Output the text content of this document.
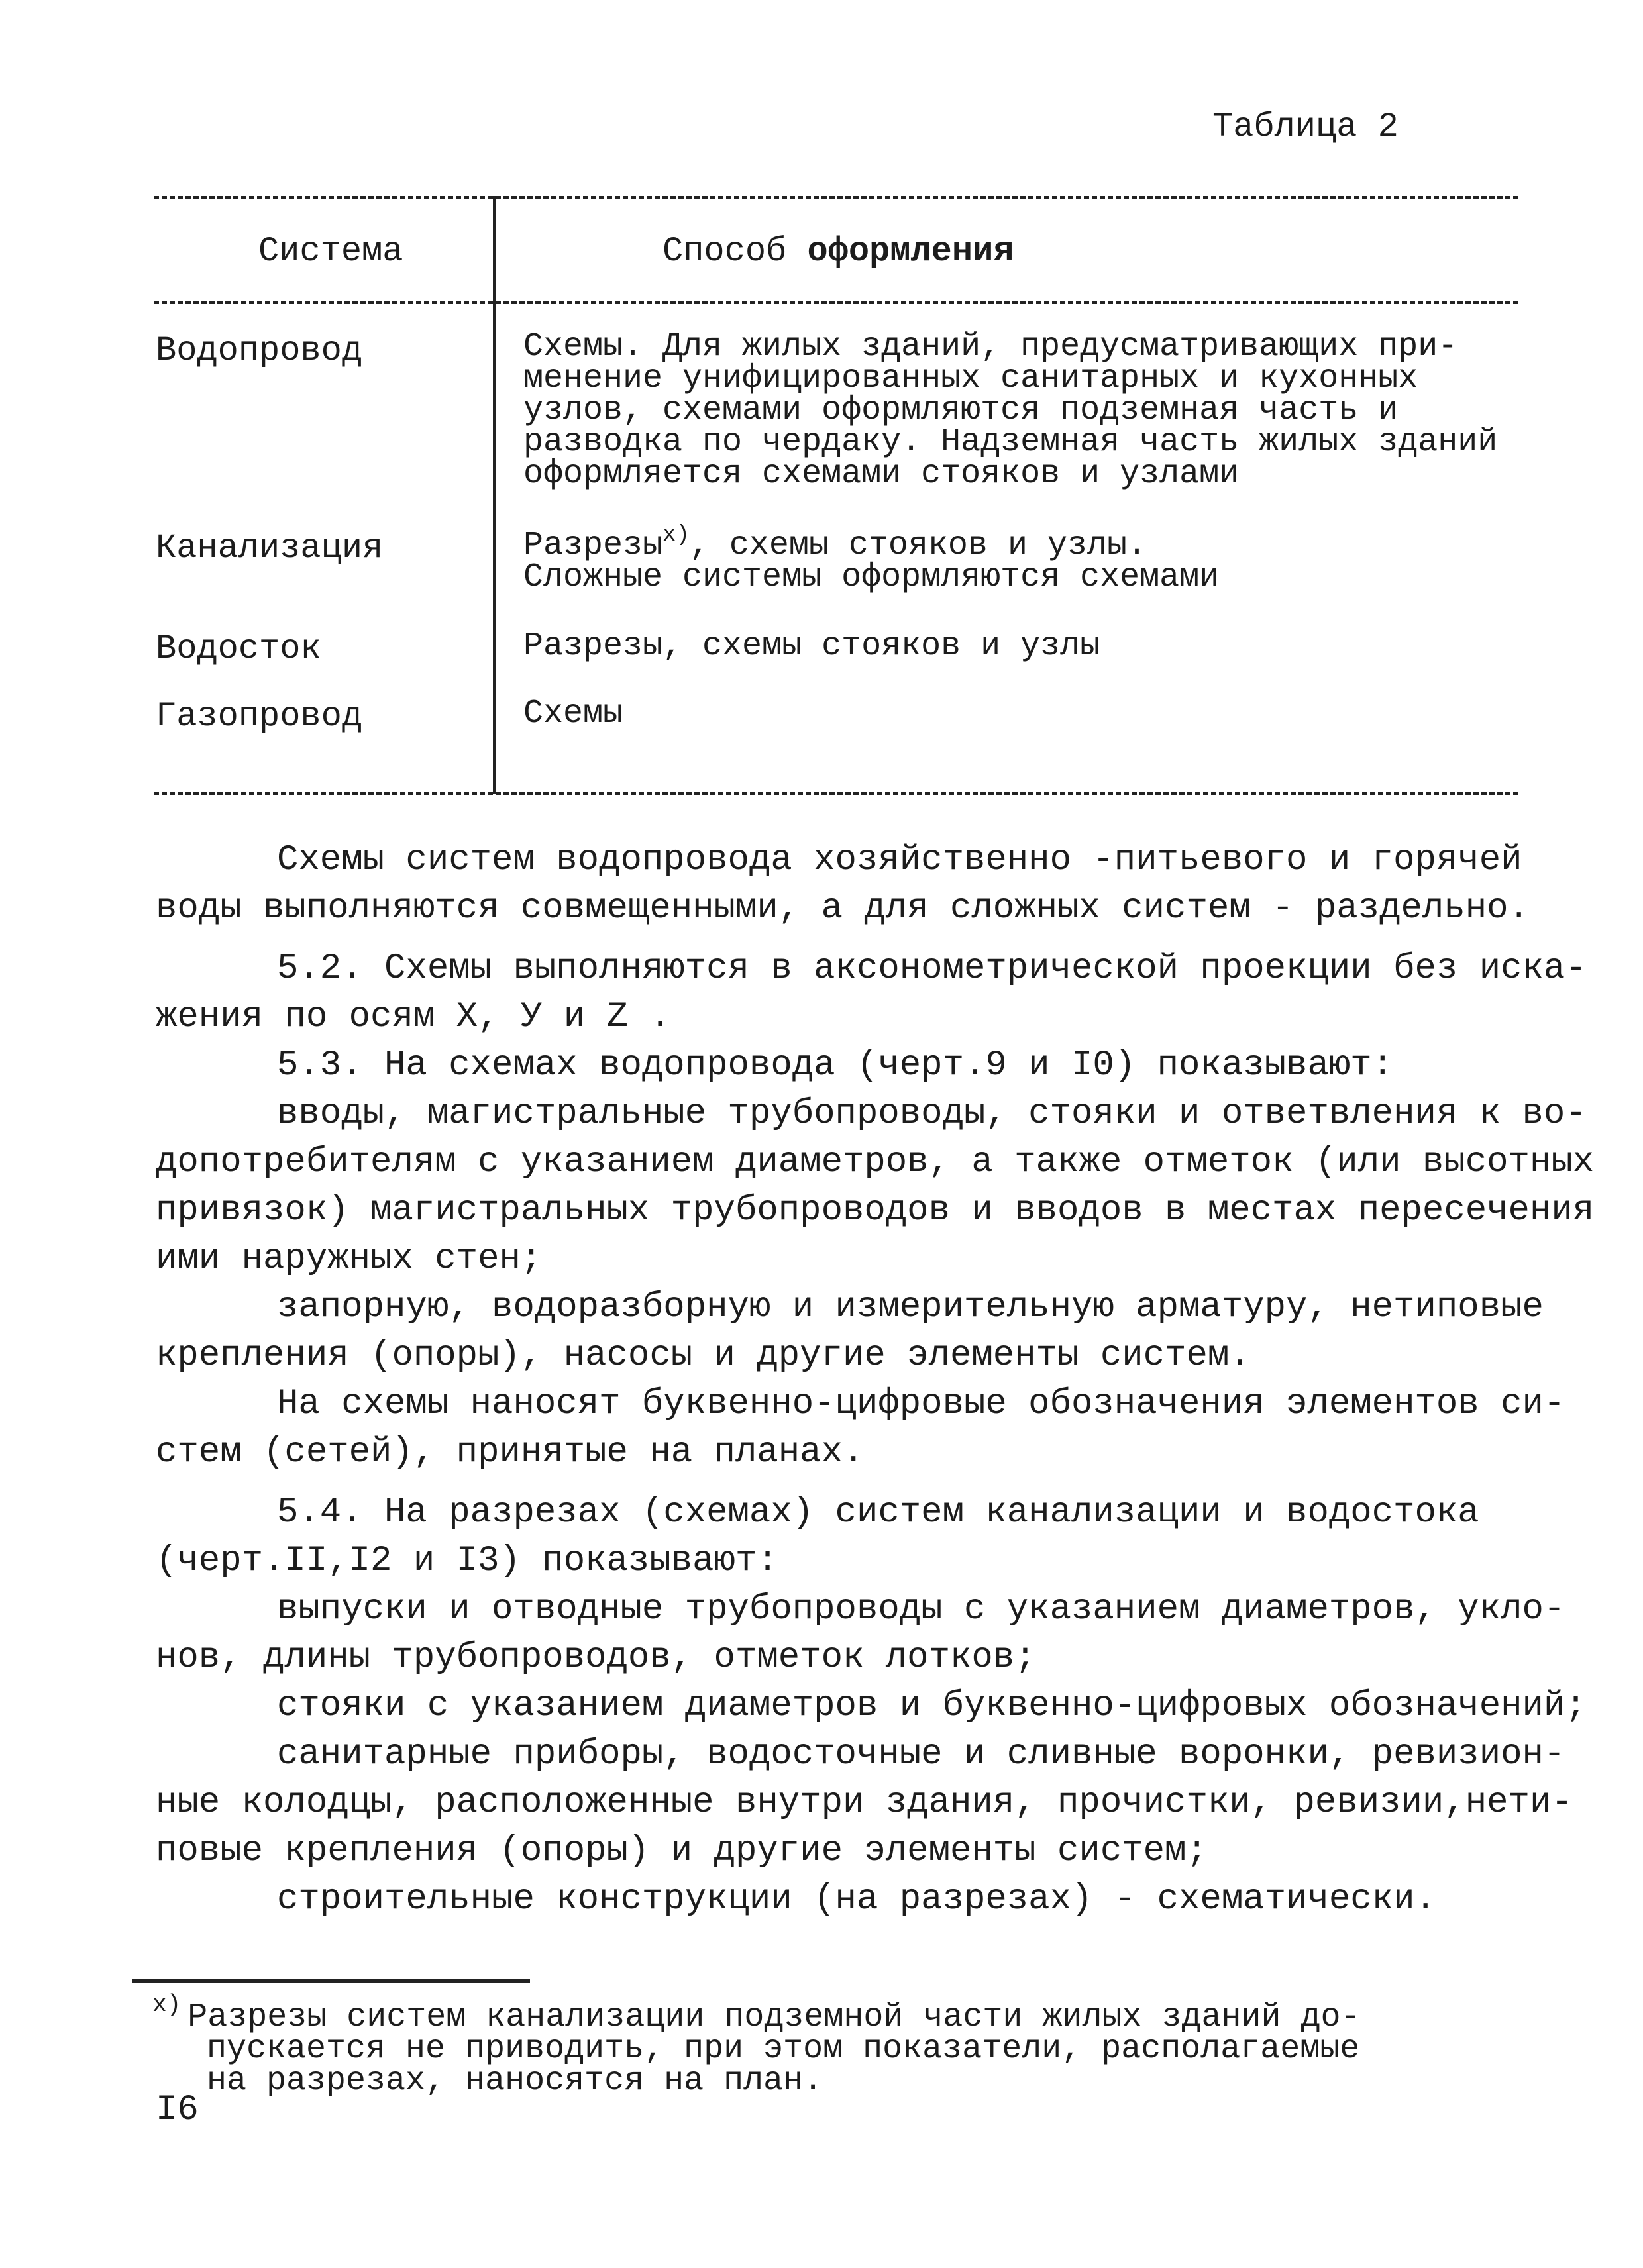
Таблица 2
Система	Способ оформления
Водопровод	Схемы. Для жилых зданий, предусматривающих при-
менение унифицированных санитарных и кухонных
узлов, схемами оформляются подземная часть и
разводка по чердаку. Надземная часть жилых зданий
оформляется схемами стояков и узлами
Канализация	Разрезы$^{x)}$, схемы стояков и узлы.
Сложные системы оформляются схемами
Водосток	Разрезы, схемы стояков и узлы
Газопровод	Схемы
Схемы систем водопровода хозяйственно -питьевого и горячей
воды выполняются совмещенными, а для сложных систем - раздельно.
5.2. Схемы выполняются в аксонометрической проекции без иска-
жения по осям X, У и Z .
5.3. На схемах водопровода (черт.9 и I0) показывают:
вводы, магистральные трубопроводы, стояки и ответвления к во-
допотребителям с указанием диаметров, а также отметок (или высотных
привязок) магистральных трубопроводов и вводов в местах пересечения
ими наружных стен;
запорную, водоразборную и измерительную арматуру, нетиповые
крепления (опоры), насосы и другие элементы систем.
На схемы наносят буквенно-цифровые обозначения элементов си-
стем (сетей), принятые на планах.
5.4. На разрезах (схемах) систем канализации и водостока
(черт.II,I2 и I3) показывают:
выпуски и отводные трубопроводы с указанием диаметров, укло-
нов, длины трубопроводов, отметок лотков;
стояки с указанием диаметров и буквенно-цифровых обозначений;
санитарные приборы, водосточные и сливные воронки, ревизион-
ные колодцы, расположенные внутри здания, прочистки, ревизии,нети-
повые крепления (опоры) и другие элементы систем;
строительные конструкции (на разрезах) - схематически.
$^{x)}$ Разрезы систем канализации подземной части жилых зданий до-
пускается не приводить, при этом показатели, располагаемые
на разрезах, наносятся на план.
I6
